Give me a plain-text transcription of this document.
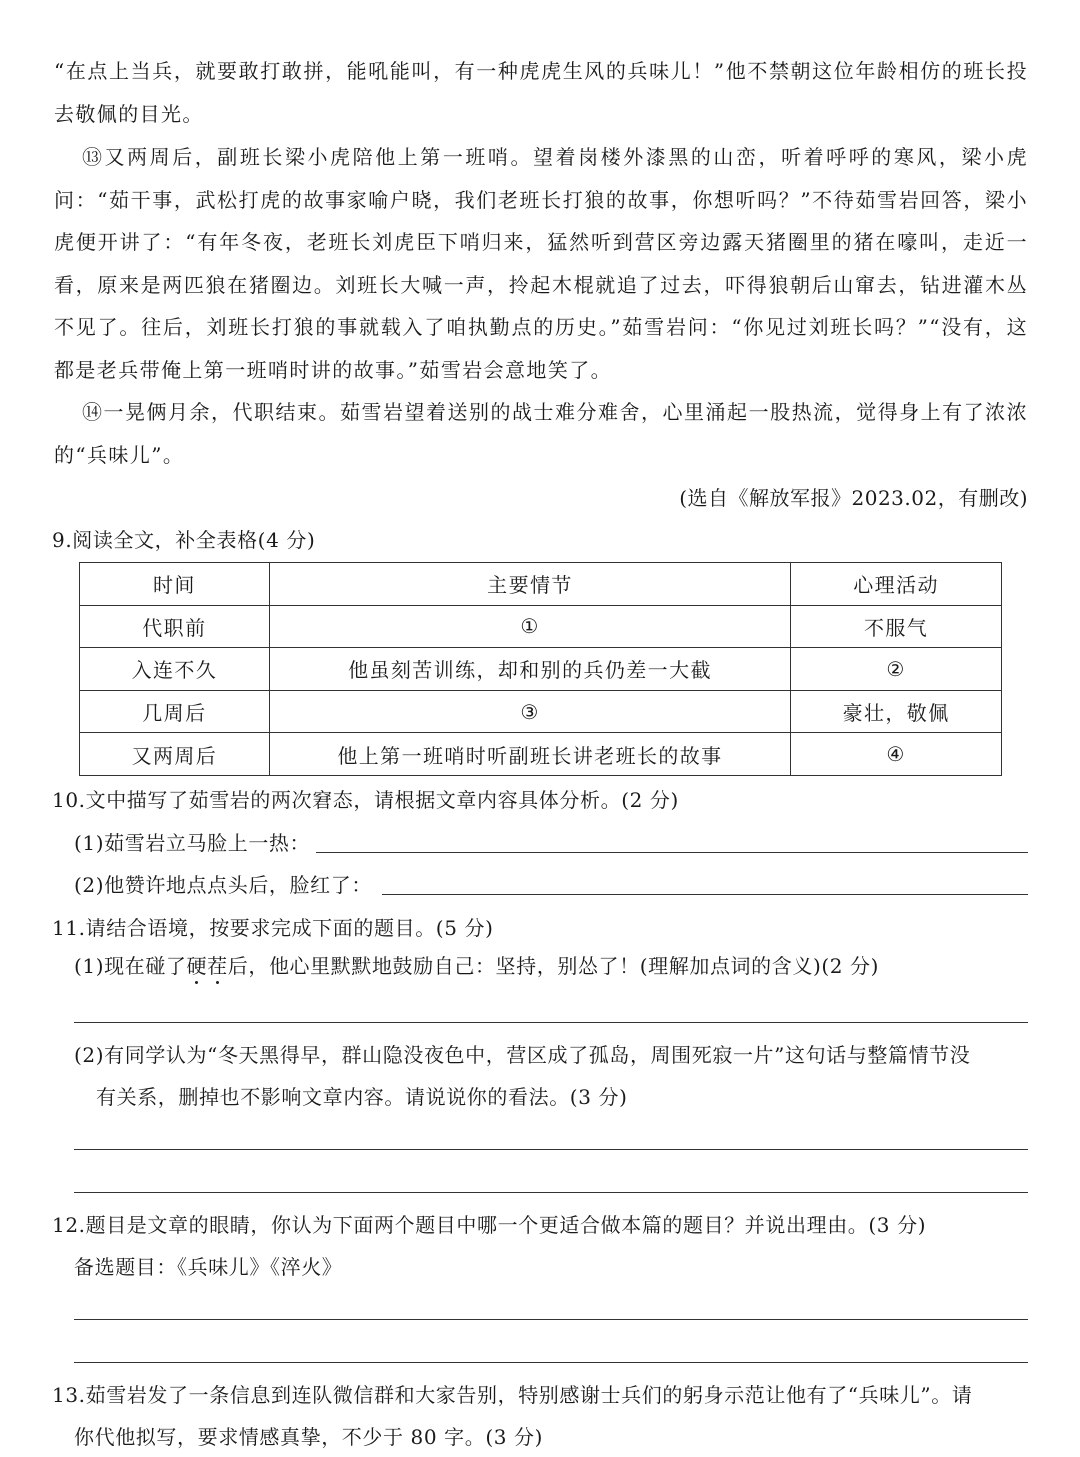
“在点上当兵，就要敢打敢拼，能吼能叫，有一种虎虎生风的兵味儿！”他不禁朝这位年龄相仿的班长投去敬佩的目光。

⑬又两周后，副班长梁小虎陪他上第一班哨。望着岗楼外漆黑的山峦，听着呼呼的寒风，梁小虎问：“茹干事，武松打虎的故事家喻户晓，我们老班长打狼的故事，你想听吗？”不待茹雪岩回答，梁小虎便开讲了：“有年冬夜，老班长刘虎臣下哨归来，猛然听到营区旁边露天猪圈里的猪在嚎叫，走近一看，原来是两匹狼在猪圈边。刘班长大喊一声，拎起木棍就追了过去，吓得狼朝后山窜去，钻进灌木丛不见了。往后，刘班长打狼的事就载入了咱执勤点的历史。”茹雪岩问：“你见过刘班长吗？”“没有，这都是老兵带俺上第一班哨时讲的故事。”茹雪岩会意地笑了。

⑭一晃俩月余，代职结束。茹雪岩望着送别的战士难分难舍，心里涌起一股热流，觉得身上有了浓浓的“兵味儿”。

(选自《解放军报》2023.02，有删改)

9.阅读全文，补全表格(4 分)

时间	主要情节	心理活动
代职前	①	不服气
入连不久	他虽刻苦训练，却和别的兵仍差一大截	②
几周后	③	豪壮，敬佩
又两周后	他上第一班哨时听副班长讲老班长的故事	④

10.文中描写了茹雪岩的两次窘态，请根据文章内容具体分析。(2 分)

(1)茹雪岩立马脸上一热：
(2)他赞许地点点头后，脸红了：

11.请结合语境，按要求完成下面的题目。(5 分)

(1)现在碰了硬茬后，他心里默默地鼓励自己：坚持，别怂了！(理解加点词的含义)(2 分)
(2)有同学认为“冬天黑得早，群山隐没夜色中，营区成了孤岛，周围死寂一片”这句话与整篇情节没
有关系，删掉也不影响文章内容。请说说你的看法。(3 分)

12.题目是文章的眼睛，你认为下面两个题目中哪一个更适合做本篇的题目？并说出理由。(3 分)

备选题目：《兵味儿》《淬火》

13.茹雪岩发了一条信息到连队微信群和大家告别，特别感谢士兵们的躬身示范让他有了“兵味儿”。请

你代他拟写，要求情感真挚，不少于 80 字。(3 分)
